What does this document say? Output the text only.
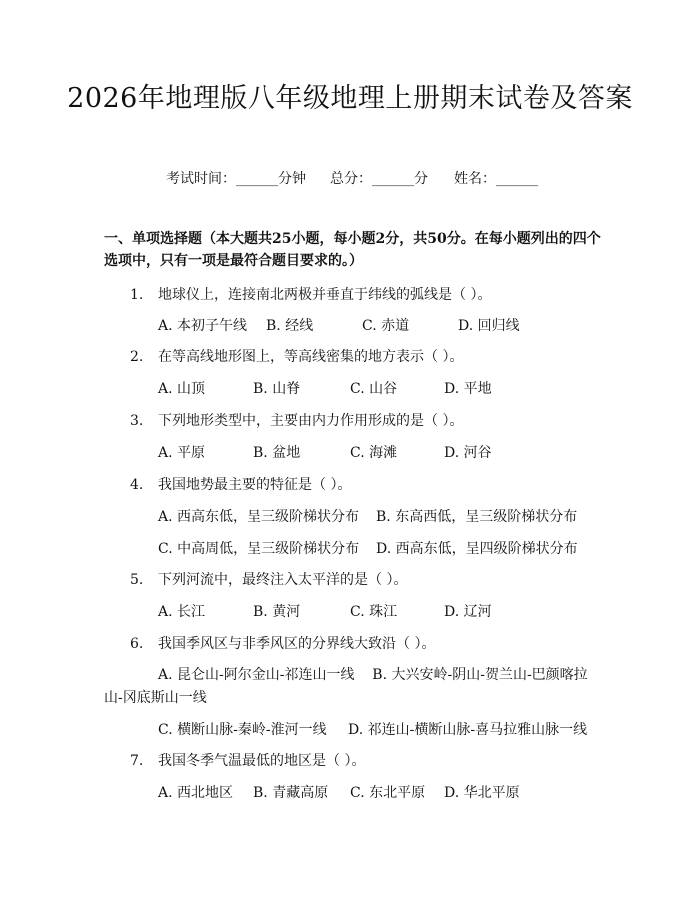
2026年地理版八年级地理上册期末试卷及答案
考试时间：______分钟 总分：______分 姓名：______
一、单项选择题（本大题共25小题，每小题2分，共50分。在每小题列出的四个选项中，只有一项是最符合题目要求的。）
1. 地球仪上，连接南北两极并垂直于纬线的弧线是（ ）。
A. 本初子午线 B. 经线	C. 赤道	D. 回归线
2. 在等高线地形图上，等高线密集的地方表示（ ）。
A. 山顶	B. 山脊	C. 山谷	D. 平地
3. 下列地形类型中，主要由内力作用形成的是（ ）。
A. 平原	B. 盆地	C. 海滩	D. 河谷
4. 我国地势最主要的特征是（ ）。
A. 西高东低，呈三级阶梯状分布 B. 东高西低，呈三级阶梯状分布
C. 中高周低，呈三级阶梯状分布 D. 西高东低，呈四级阶梯状分布
5. 下列河流中，最终注入太平洋的是（ ）。
A. 长江	B. 黄河	C. 珠江	D. 辽河
6. 我国季风区与非季风区的分界线大致沿（ ）。
A. 昆仑山-阿尔金山-祁连山一线 B. 大兴安岭-阴山-贺兰山-巴颜喀拉山-冈底斯山一线
C. 横断山脉-秦岭-淮河一线 D. 祁连山-横断山脉-喜马拉雅山脉一线
7. 我国冬季气温最低的地区是（ ）。
A. 西北地区 B. 青藏高原 C. 东北平原 D. 华北平原
